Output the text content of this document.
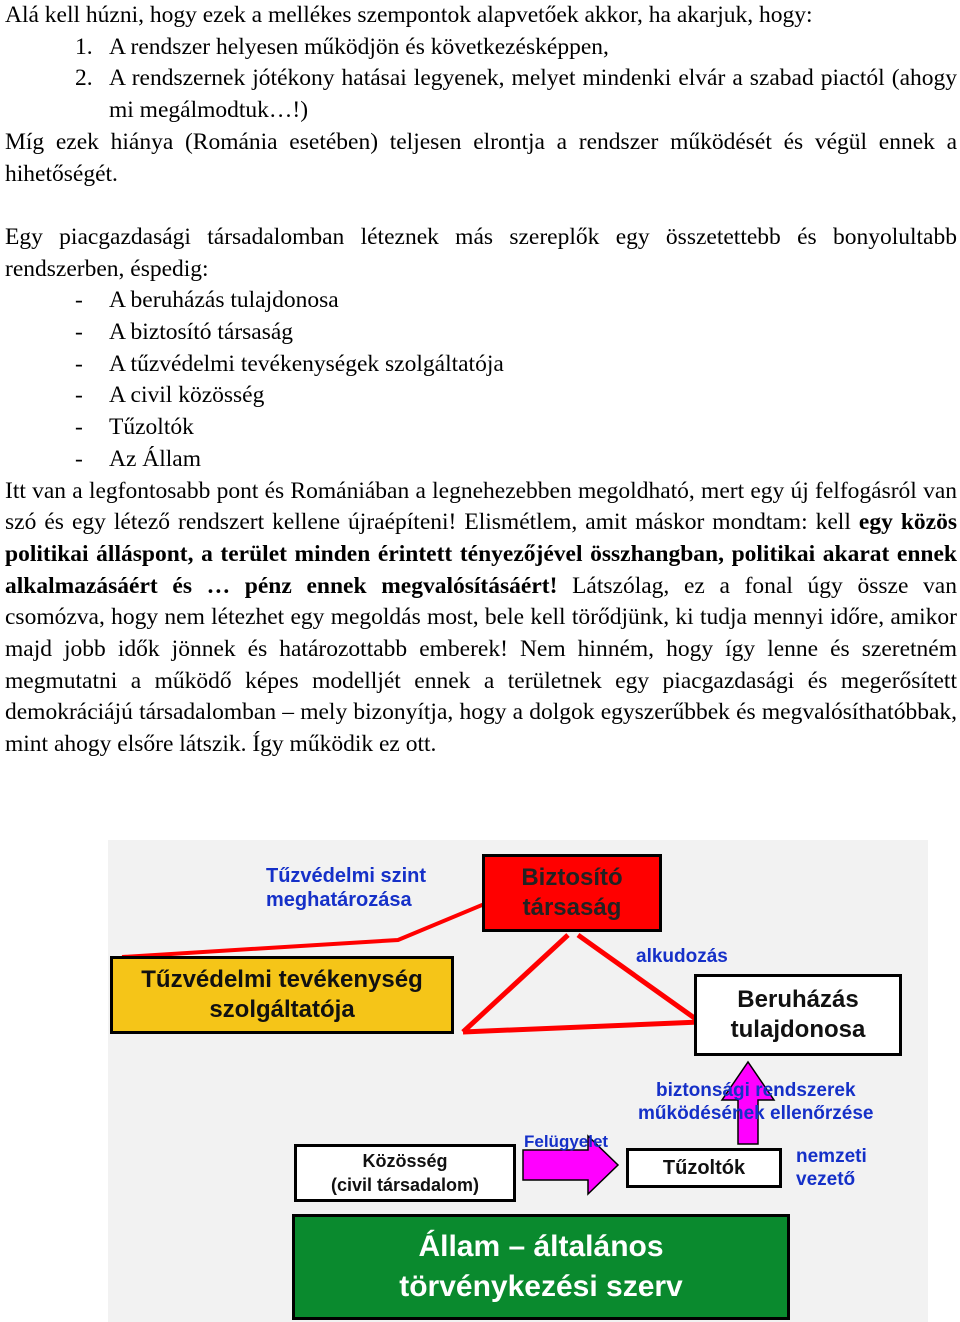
Alá kell húzni, hogy ezek a mellékes szempontok alapvetőek akkor, ha akarjuk, hogy:

1. A rendszer helyesen működjön és következésképpen,
2. A rendszernek jótékony hatásai legyenek, melyet mindenki elvár a szabad piactól (ahogy mi megálmodtuk…!)

Míg ezek hiánya (Románia esetében) teljesen elrontja a rendszer működését és végül ennek a hihetőségét.

Egy piacgazdasági társadalomban léteznek más szereplők egy összetettebb és bonyolultabb rendszerben, éspedig:

- A beruházás tulajdonosa
- A biztosító társaság
- A tűzvédelmi tevékenységek szolgáltatója
- A civil közösség
- Tűzoltók
- Az Állam

Itt van a legfontosabb pont és Romániában a legnehezebben megoldható, mert egy új felfogásról van szó és egy létező rendszert kellene újraépíteni! Elismétlem, amit máskor mondtam: kell egy közös politikai álláspont, a terület minden érintett tényezőjével összhangban, politikai akarat ennek alkalmazásáért és … pénz ennek megvalósításáért! Látszólag, ez a fonal úgy össze van csomózva, hogy nem létezhet egy megoldás most, bele kell törődjünk, ki tudja mennyi időre, amikor majd jobb idők jönnek és határozottabb emberek! Nem hinném, hogy így lenne és szeretném megmutatni a működő képes modelljét ennek a területnek egy piacgazdasági és megerősített demokráciájú társadalomban – mely bizonyítja, hogy a dolgok egyszerűbbek és megvalósíthatóbbak, mint ahogy elsőre látszik. Így működik ez ott.

Biztosító
társaság
Tűzvédelmi tevékenység
szolgáltatója	Beruházás
tulajdonosa
Közösség
(civil társadalom)
Tűzoltók
Állam – általános
törvénykezési szerv
Tűzvédelmi szint
meghatározása
alkudozás
biztonsági rendszerek
működésének ellenőrzése
Felügyelet
nemzeti
vezető
